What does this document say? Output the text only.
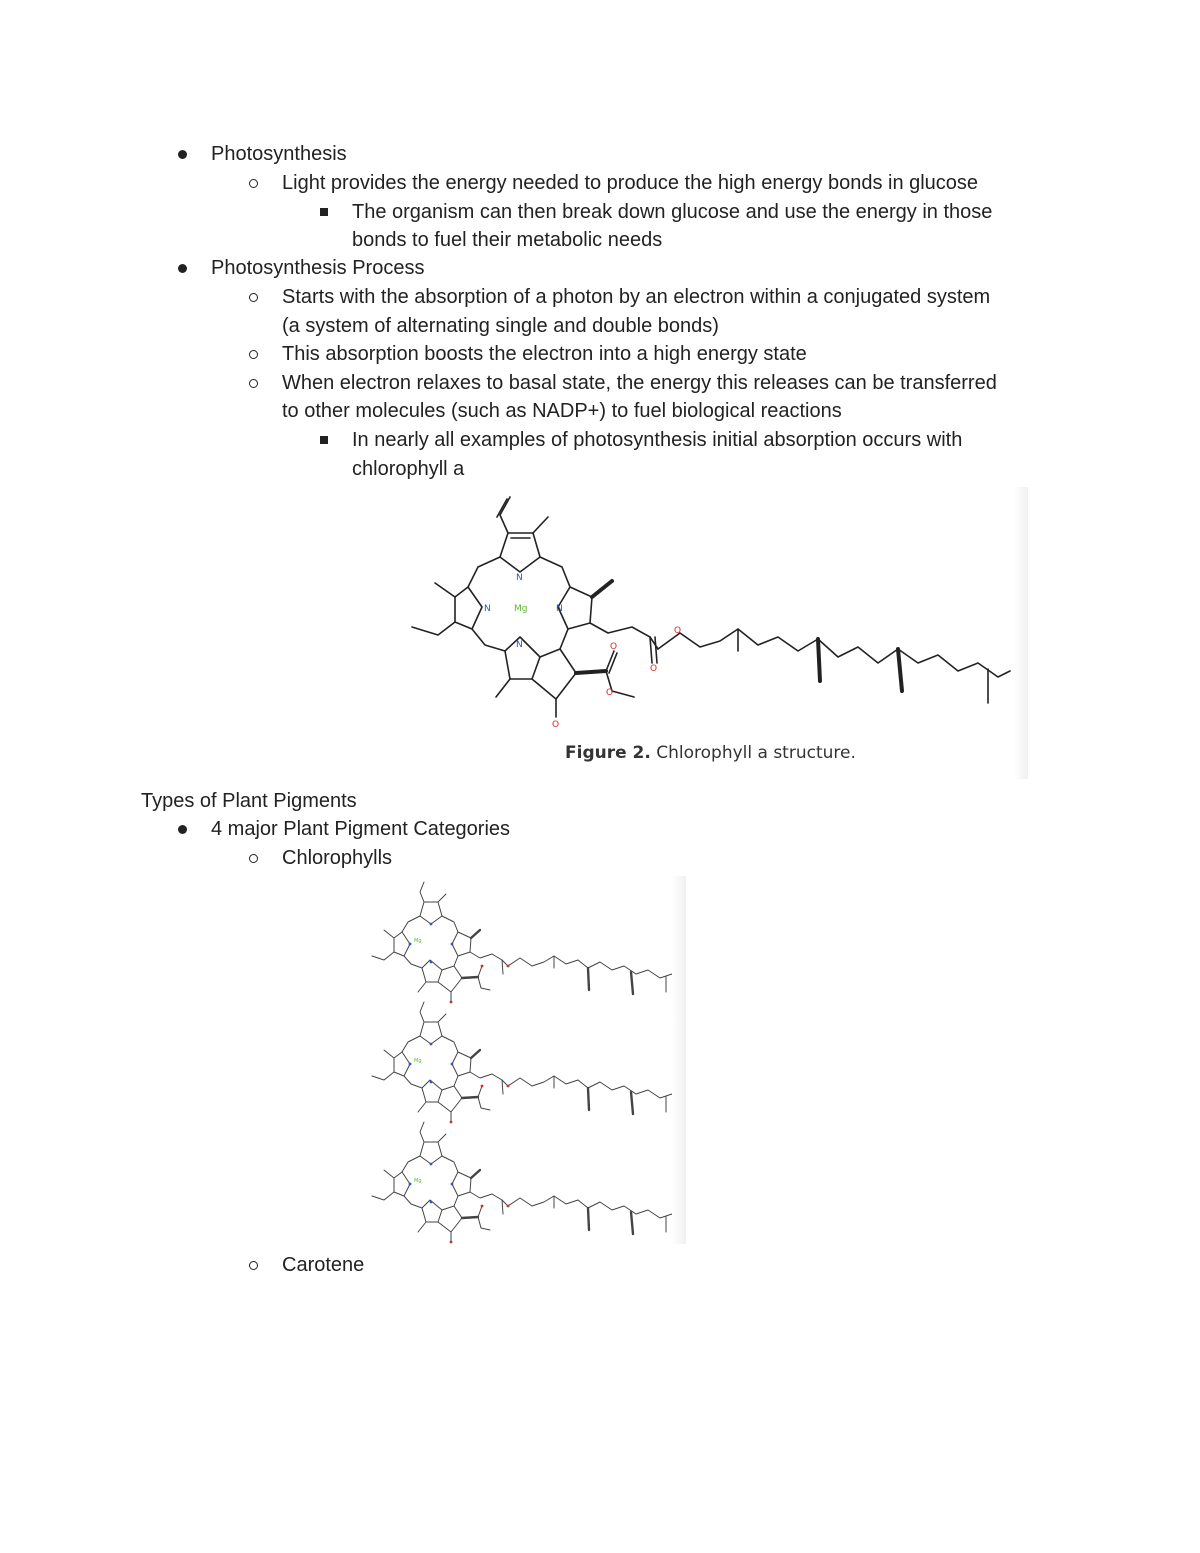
Photosynthesis
Light provides the energy needed to produce the high energy bonds in glucose
The organism can then break down glucose and use the energy in those
bonds to fuel their metabolic needs
Photosynthesis Process
Starts with the absorption of a photon by an electron within a conjugated system
(a system of alternating single and double bonds)
This absorption boosts the electron into a high energy state
When electron relaxes to basal state, the energy this releases can be transferred
to other molecules (such as NADP+) to fuel biological reactions
In nearly all examples of photosynthesis initial absorption occurs with
chlorophyll a
N
N	N
N
Mg
O
O
O
O
O
Figure 2. Chlorophyll a structure.
Types of Plant Pigments
4 major Plant Pigment Categories
Chlorophylls
Mg
Carotene
